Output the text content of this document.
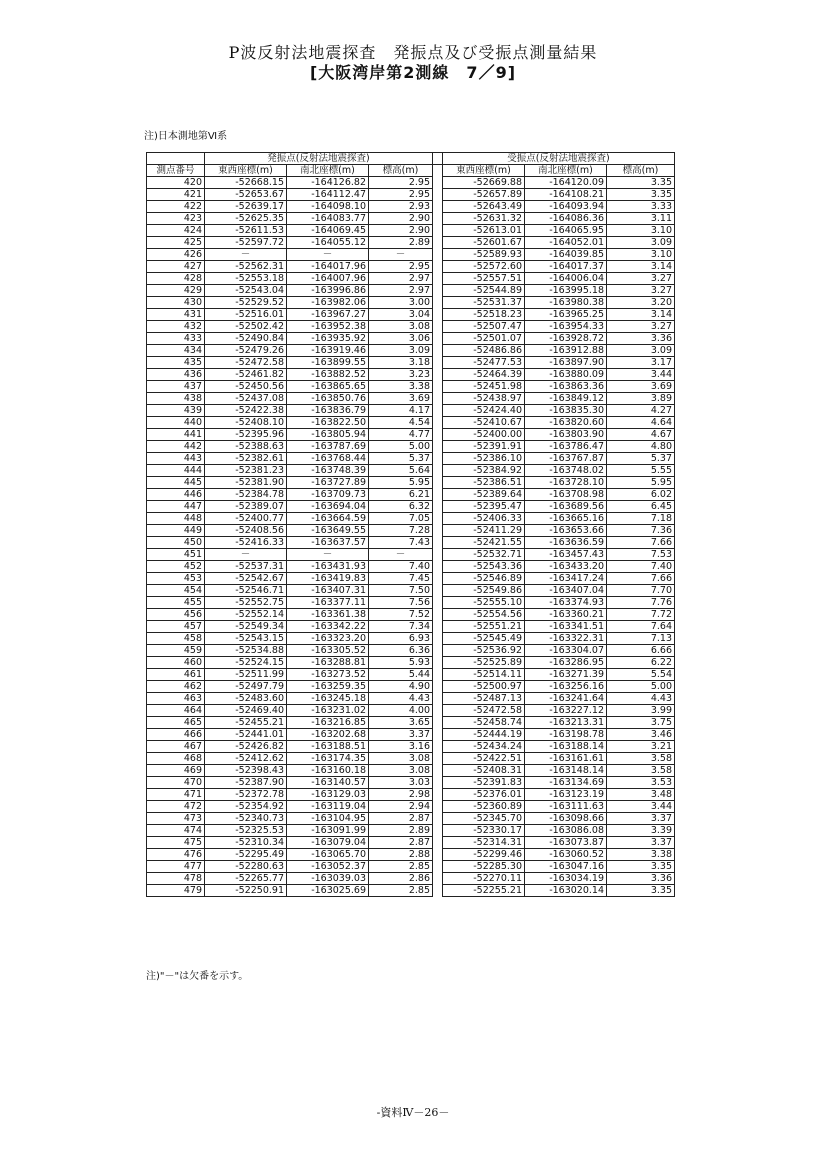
P波反射法地震探査　発振点及び受振点測量結果
[大阪湾岸第2測線　7／9]
注)日本測地第Ⅵ系
	発振点(反射法地震探査)				受振点(反射法地震探査)		
測点番号	東西座標(m)	南北座標(m)	標高(m)		東西座標(m)	南北座標(m)	標高(m)
420	-52668.15	-164126.82	2.95		-52669.88	-164120.09	3.35
421	-52653.67	-164112.47	2.95		-52657.89	-164108.21	3.35
422	-52639.17	-164098.10	2.93		-52643.49	-164093.94	3.33
423	-52625.35	-164083.77	2.90		-52631.32	-164086.36	3.11
424	-52611.53	-164069.45	2.90		-52613.01	-164065.95	3.10
425	-52597.72	-164055.12	2.89		-52601.67	-164052.01	3.09
426	－	－	－		-52589.93	-164039.85	3.10
427	-52562.31	-164017.96	2.95		-52572.60	-164017.37	3.14
428	-52553.18	-164007.96	2.97		-52557.51	-164006.04	3.27
429	-52543.04	-163996.86	2.97		-52544.89	-163995.18	3.27
430	-52529.52	-163982.06	3.00		-52531.37	-163980.38	3.20
431	-52516.01	-163967.27	3.04		-52518.23	-163965.25	3.14
432	-52502.42	-163952.38	3.08		-52507.47	-163954.33	3.27
433	-52490.84	-163935.92	3.06		-52501.07	-163928.72	3.36
434	-52479.26	-163919.46	3.09		-52486.86	-163912.88	3.09
435	-52472.58	-163899.55	3.18		-52477.53	-163897.90	3.17
436	-52461.82	-163882.52	3.23		-52464.39	-163880.09	3.44
437	-52450.56	-163865.65	3.38		-52451.98	-163863.36	3.69
438	-52437.08	-163850.76	3.69		-52438.97	-163849.12	3.89
439	-52422.38	-163836.79	4.17		-52424.40	-163835.30	4.27
440	-52408.10	-163822.50	4.54		-52410.67	-163820.60	4.64
441	-52395.96	-163805.94	4.77		-52400.00	-163803.90	4.67
442	-52388.63	-163787.69	5.00		-52391.91	-163786.47	4.80
443	-52382.61	-163768.44	5.37		-52386.10	-163767.87	5.37
444	-52381.23	-163748.39	5.64		-52384.92	-163748.02	5.55
445	-52381.90	-163727.89	5.95		-52386.51	-163728.10	5.95
446	-52384.78	-163709.73	6.21		-52389.64	-163708.98	6.02
447	-52389.07	-163694.04	6.32		-52395.47	-163689.56	6.45
448	-52400.77	-163664.59	7.05		-52406.33	-163665.16	7.18
449	-52408.56	-163649.55	7.28		-52411.29	-163653.66	7.36
450	-52416.33	-163637.57	7.43		-52421.55	-163636.59	7.66
451	－	－	－		-52532.71	-163457.43	7.53
452	-52537.31	-163431.93	7.40		-52543.36	-163433.20	7.40
453	-52542.67	-163419.83	7.45		-52546.89	-163417.24	7.66
454	-52546.71	-163407.31	7.50		-52549.86	-163407.04	7.70
455	-52552.75	-163377.11	7.56		-52555.10	-163374.93	7.76
456	-52552.14	-163361.38	7.52		-52554.56	-163360.21	7.72
457	-52549.34	-163342.22	7.34		-52551.21	-163341.51	7.64
458	-52543.15	-163323.20	6.93		-52545.49	-163322.31	7.13
459	-52534.88	-163305.52	6.36		-52536.92	-163304.07	6.66
460	-52524.15	-163288.81	5.93		-52525.89	-163286.95	6.22
461	-52511.99	-163273.52	5.44		-52514.11	-163271.39	5.54
462	-52497.79	-163259.35	4.90		-52500.97	-163256.16	5.00
463	-52483.60	-163245.18	4.43		-52487.13	-163241.64	4.43
464	-52469.40	-163231.02	4.00		-52472.58	-163227.12	3.99
465	-52455.21	-163216.85	3.65		-52458.74	-163213.31	3.75
466	-52441.01	-163202.68	3.37		-52444.19	-163198.78	3.46
467	-52426.82	-163188.51	3.16		-52434.24	-163188.14	3.21
468	-52412.62	-163174.35	3.08		-52422.51	-163161.61	3.58
469	-52398.43	-163160.18	3.08		-52408.31	-163148.14	3.58
470	-52387.90	-163140.57	3.03		-52391.83	-163134.69	3.53
471	-52372.78	-163129.03	2.98		-52376.01	-163123.19	3.48
472	-52354.92	-163119.04	2.94		-52360.89	-163111.63	3.44
473	-52340.73	-163104.95	2.87		-52345.70	-163098.66	3.37
474	-52325.53	-163091.99	2.89		-52330.17	-163086.08	3.39
475	-52310.34	-163079.04	2.87		-52314.31	-163073.87	3.37
476	-52295.49	-163065.70	2.88		-52299.46	-163060.52	3.38
477	-52280.63	-163052.37	2.85		-52285.30	-163047.16	3.35
478	-52265.77	-163039.03	2.86		-52270.11	-163034.19	3.36
479	-52250.91	-163025.69	2.85		-52255.21	-163020.14	3.35
注)"－"は欠番を示す。
-資料Ⅳ－26－
